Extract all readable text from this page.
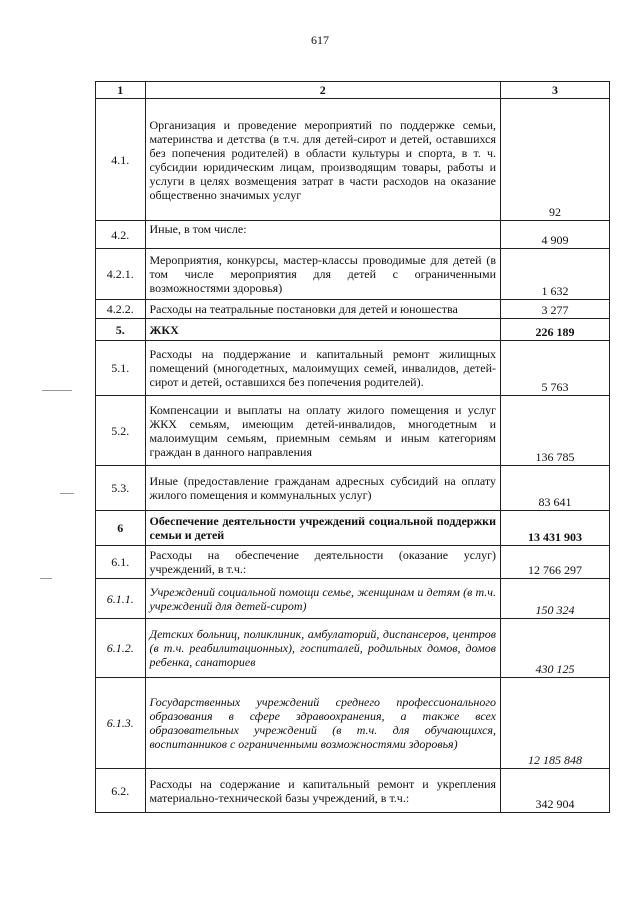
617
1	2	3
4.1.	Организация и проведение мероприятий по поддержке семьи, материнства и детства (в т.ч. для детей-сирот и детей, оставшихся без попечения родителей) в области культуры и спорта, в т. ч. субсидии юридическим лицам, производящим товары, работы и услуги в целях возмещения затрат в части расходов на оказание общественно значимых услуг	92
4.2.	Иные, в том числе:	4 909
4.2.1.	Мероприятия, конкурсы, мастер-классы проводимые для детей (в том числе мероприятия для детей с ограниченными возможностями здоровья)	1 632
4.2.2.	Расходы на театральные постановки для детей и юношества	3 277
5.	ЖКХ	226 189
5.1.	Расходы на поддержание и капитальный ремонт жилищных помещений (многодетных, малоимущих семей, инвалидов, детей-сирот и детей, оставшихся без попечения родителей).	5 763
5.2.	Компенсации и выплаты на оплату жилого помещения и услуг ЖКХ семьям, имеющим детей-инвалидов, многодетным и малоимущим семьям, приемным семьям и иным категориям граждан в данного направления	136 785
5.3.	Иные (предоставление гражданам адресных субсидий на оплату жилого помещения и коммунальных услуг)	83 641
6	Обеспечение деятельности учреждений социальной поддержки семьи и детей	13 431 903
6.1.	Расходы на обеспечение деятельности (оказание услуг) учреждений, в т.ч.:	12 766 297
6.1.1.	Учреждений социальной помощи семье, женщинам и детям (в т.ч. учреждений для детей-сирот)	150 324
6.1.2.	Детских больниц, поликлиник, амбулаторий, диспансеров, центров (в т.ч. реабилитационных), госпиталей, родильных домов, домов ребенка, санаториев	430 125
6.1.3.	Государственных учреждений среднего профессионального образования в сфере здравоохранения, а также всех образовательных учреждений (в т.ч. для обучающихся, воспитанников с ограниченными возможностями здоровья)	12 185 848
6.2.	Расходы на содержание и капитальный ремонт и укрепления материально-технической базы учреждений, в т.ч.:	342 904
